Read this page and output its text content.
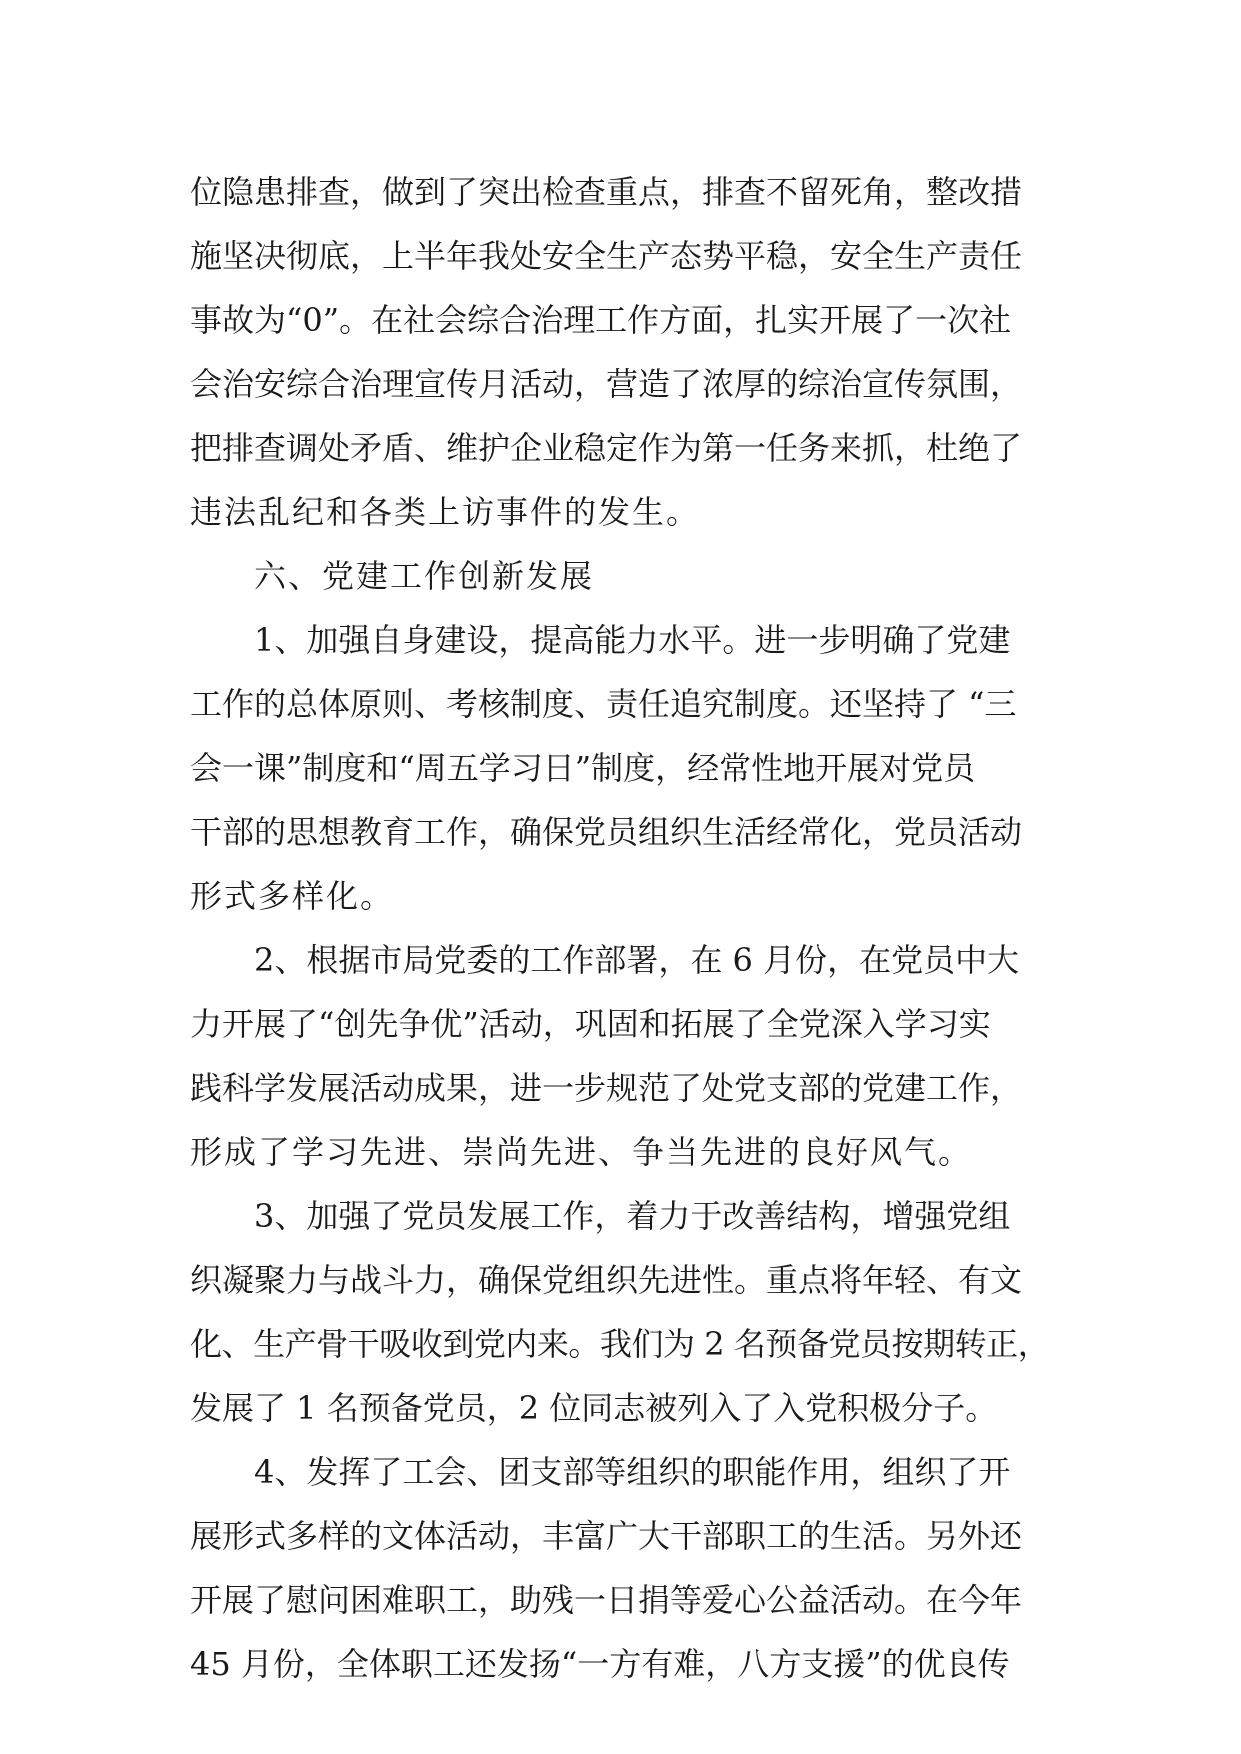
位隐患排查，做到了突出检查重点，排查不留死角，整改措
施坚决彻底，上半年我处安全生产态势平稳，安全生产责任
事故为“0”。在社会综合治理工作方面，扎实开展了一次社
会治安综合治理宣传月活动，营造了浓厚的综治宣传氛围，
把排查调处矛盾、维护企业稳定作为第一任务来抓，杜绝了
违法乱纪和各类上访事件的发生。
六、党建工作创新发展
1、加强自身建设，提高能力水平。进一步明确了党建
工作的总体原则、考核制度、责任追究制度。还坚持了 “三
会一课”制度和“周五学习日”制度，经常性地开展对党员
干部的思想教育工作，确保党员组织生活经常化，党员活动
形式多样化。
2、根据市局党委的工作部署，在 6 月份，在党员中大
力开展了“创先争优”活动，巩固和拓展了全党深入学习实
践科学发展活动成果，进一步规范了处党支部的党建工作，
形成了学习先进、崇尚先进、争当先进的良好风气。
3、加强了党员发展工作，着力于改善结构，增强党组
织凝聚力与战斗力，确保党组织先进性。重点将年轻、有文
化、生产骨干吸收到党内来。我们为 2 名预备党员按期转正，
发展了 1 名预备党员，2 位同志被列入了入党积极分子。
4、发挥了工会、团支部等组织的职能作用，组织了开
展形式多样的文体活动，丰富广大干部职工的生活。另外还
开展了慰问困难职工，助残一日捐等爱心公益活动。在今年
45 月份，全体职工还发扬“一方有难，八方支援”的优良传
